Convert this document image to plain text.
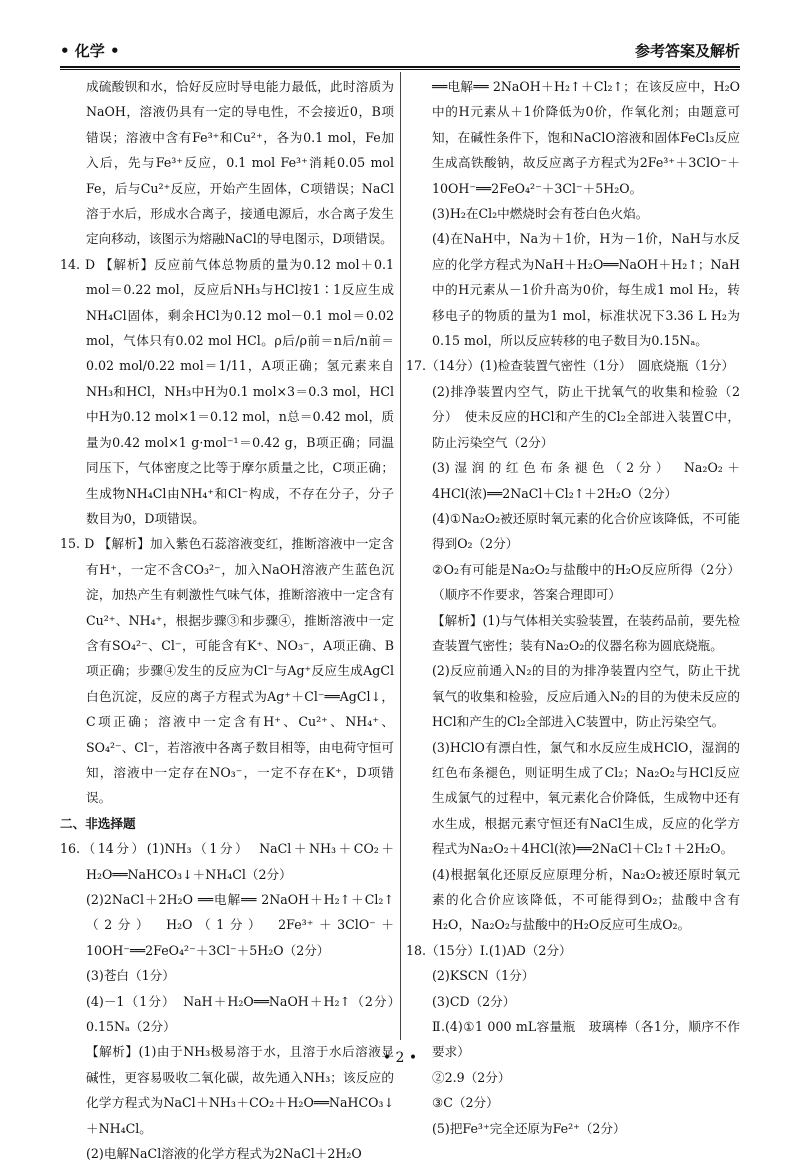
• 化学 •	参考答案及解析

成硫酸钡和水，恰好反应时导电能力最低，此时溶质为NaOH，溶液仍具有一定的导电性，不会接近0，B项错误；溶液中含有Fe³⁺和Cu²⁺，各为0.1 mol，Fe加入后，先与Fe³⁺反应，0.1 mol Fe³⁺消耗0.05 mol Fe，后与Cu²⁺反应，开始产生固体，C项错误；NaCl溶于水后，形成水合离子，接通电源后，水合离子发生定向移动，该图示为熔融NaCl的导电图示，D项错误。

14. D 【解析】反应前气体总物质的量为0.12 mol＋0.1 mol＝0.22 mol，反应后NH₃与HCl按1∶1反应生成NH₄Cl固体，剩余HCl为0.12 mol－0.1 mol＝0.02 mol，气体只有0.02 mol HCl。ρ后/ρ前＝n后/n前＝0.02 mol/0.22 mol＝1/11，A项正确；氢元素来自NH₃和HCl，NH₃中H为0.1 mol×3＝0.3 mol，HCl中H为0.12 mol×1＝0.12 mol，n总＝0.42 mol，质量为0.42 mol×1 g·mol⁻¹＝0.42 g，B项正确；同温同压下，气体密度之比等于摩尔质量之比，C项正确；生成物NH₄Cl由NH₄⁺和Cl⁻构成，不存在分子，分子数目为0，D项错误。

15. D 【解析】加入紫色石蕊溶液变红，推断溶液中一定含有H⁺，一定不含CO₃²⁻，加入NaOH溶液产生蓝色沉淀，加热产生有刺激性气味气体，推断溶液中一定含有Cu²⁺、NH₄⁺，根据步骤③和步骤④，推断溶液中一定含有SO₄²⁻、Cl⁻，可能含有K⁺、NO₃⁻，A项正确、B项正确；步骤④发生的反应为Cl⁻与Ag⁺反应生成AgCl白色沉淀，反应的离子方程式为Ag⁺＋Cl⁻══AgCl↓，C项正确；溶液中一定含有H⁺、Cu²⁺、NH₄⁺、SO₄²⁻、Cl⁻，若溶液中各离子数目相等，由电荷守恒可知，溶液中一定存在NO₃⁻，一定不存在K⁺，D项错误。

二、非选择题

16.（14分）(1)NH₃（1分）　NaCl＋NH₃＋CO₂＋H₂O══NaHCO₃↓＋NH₄Cl（2分）

(2)2NaCl＋2H₂O ══电解══ 2NaOH＋H₂↑＋Cl₂↑（2分）　H₂O（1分）　2Fe³⁺＋3ClO⁻＋10OH⁻══2FeO₄²⁻＋3Cl⁻＋5H₂O（2分）

(3)苍白（1分）

(4)－1（1分）　NaH＋H₂O══NaOH＋H₂↑（2分）　0.15Nₐ（2分）

【解析】(1)由于NH₃极易溶于水，且溶于水后溶液显碱性，更容易吸收二氧化碳，故先通入NH₃；该反应的化学方程式为NaCl＋NH₃＋CO₂＋H₂O══NaHCO₃↓＋NH₄Cl。

(2)电解NaCl溶液的化学方程式为2NaCl＋2H₂O

══电解══ 2NaOH＋H₂↑＋Cl₂↑；在该反应中，H₂O中的H元素从＋1价降低为0价，作氧化剂；由题意可知，在碱性条件下，饱和NaClO溶液和固体FeCl₃反应生成高铁酸钠，故反应离子方程式为2Fe³⁺＋3ClO⁻＋10OH⁻══2FeO₄²⁻＋3Cl⁻＋5H₂O。

(3)H₂在Cl₂中燃烧时会有苍白色火焰。

(4)在NaH中，Na为＋1价，H为－1价，NaH与水反应的化学方程式为NaH＋H₂O══NaOH＋H₂↑；NaH中的H元素从－1价升高为0价，每生成1 mol H₂，转移电子的物质的量为1 mol，标准状况下3.36 L H₂为0.15 mol，所以反应转移的电子数目为0.15Nₐ。

17.（14分）(1)检查装置气密性（1分）　圆底烧瓶（1分）

(2)排净装置内空气，防止干扰氧气的收集和检验（2分）　使未反应的HCl和产生的Cl₂全部进入装置C中，防止污染空气（2分）

(3)湿润的红色布条褪色（2分）　Na₂O₂＋4HCl(浓)══2NaCl＋Cl₂↑＋2H₂O（2分）

(4)①Na₂O₂被还原时氧元素的化合价应该降低，不可能得到O₂（2分）

②O₂有可能是Na₂O₂与盐酸中的H₂O反应所得（2分）（顺序不作要求，答案合理即可）

【解析】(1)与气体相关实验装置，在装药品前，要先检查装置气密性；装有Na₂O₂的仪器名称为圆底烧瓶。

(2)反应前通入N₂的目的为排净装置内空气，防止干扰氧气的收集和检验，反应后通入N₂的目的为使未反应的HCl和产生的Cl₂全部进入C装置中，防止污染空气。

(3)HClO有漂白性，氯气和水反应生成HClO，湿润的红色布条褪色，则证明生成了Cl₂；Na₂O₂与HCl反应生成氯气的过程中，氧元素化合价降低，生成物中还有水生成，根据元素守恒还有NaCl生成，反应的化学方程式为Na₂O₂＋4HCl(浓)══2NaCl＋Cl₂↑＋2H₂O。

(4)根据氧化还原反应原理分析，Na₂O₂被还原时氧元素的化合价应该降低，不可能得到O₂；盐酸中含有H₂O，Na₂O₂与盐酸中的H₂O反应可生成O₂。

18.（15分）Ⅰ.(1)AD（2分）

(2)KSCN（1分）

(3)CD（2分）

Ⅱ.(4)①1 000 mL容量瓶　玻璃棒（各1分，顺序不作要求）

②2.9（2分）

③C（2分）

(5)把Fe³⁺完全还原为Fe²⁺（2分）

• 2 •
